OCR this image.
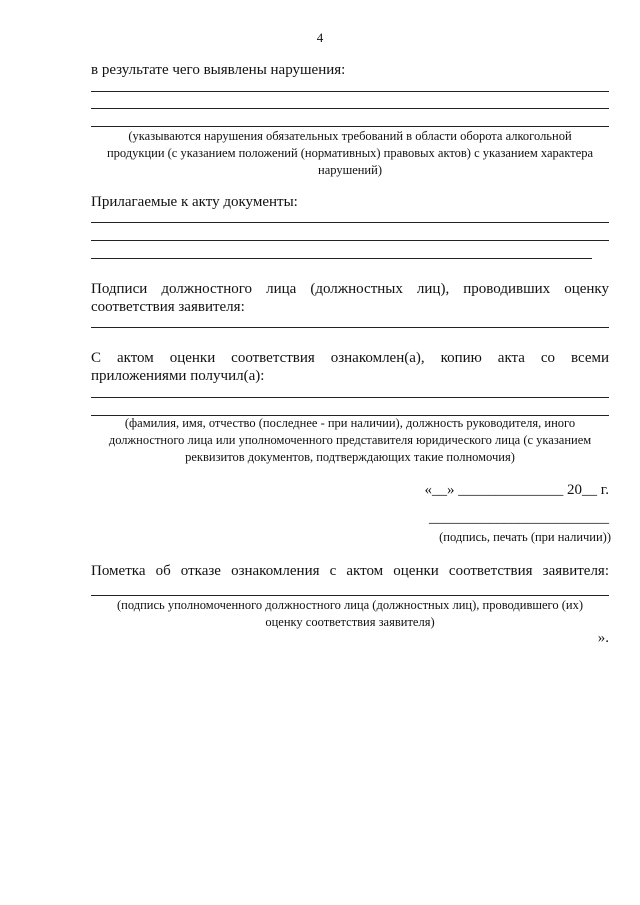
4
в результате чего выявлены нарушения:
(указываются нарушения обязательных требований в области оборота алкогольной
продукции (с указанием положений (нормативных) правовых актов) с указанием характера
нарушений)
Прилагаемые к акту документы:
Подписи должностного лица (должностных лиц), проводивших оценку
соответствия заявителя:
С актом оценки соответствия ознакомлен(а), копию акта со всеми
приложениями получил(а):
(фамилия, имя, отчество (последнее - при наличии), должность руководителя, иного
должностного лица или уполномоченного представителя юридического лица (с указанием
реквизитов документов, подтверждающих такие полномочия)
«__» ______________ 20__ г.
________________________
(подпись, печать (при наличии))
Пометка об отказе ознакомления с актом оценки соответствия заявителя:
(подпись уполномоченного должностного лица (должностных лиц), проводившего (их)
оценку соответствия заявителя)
».
